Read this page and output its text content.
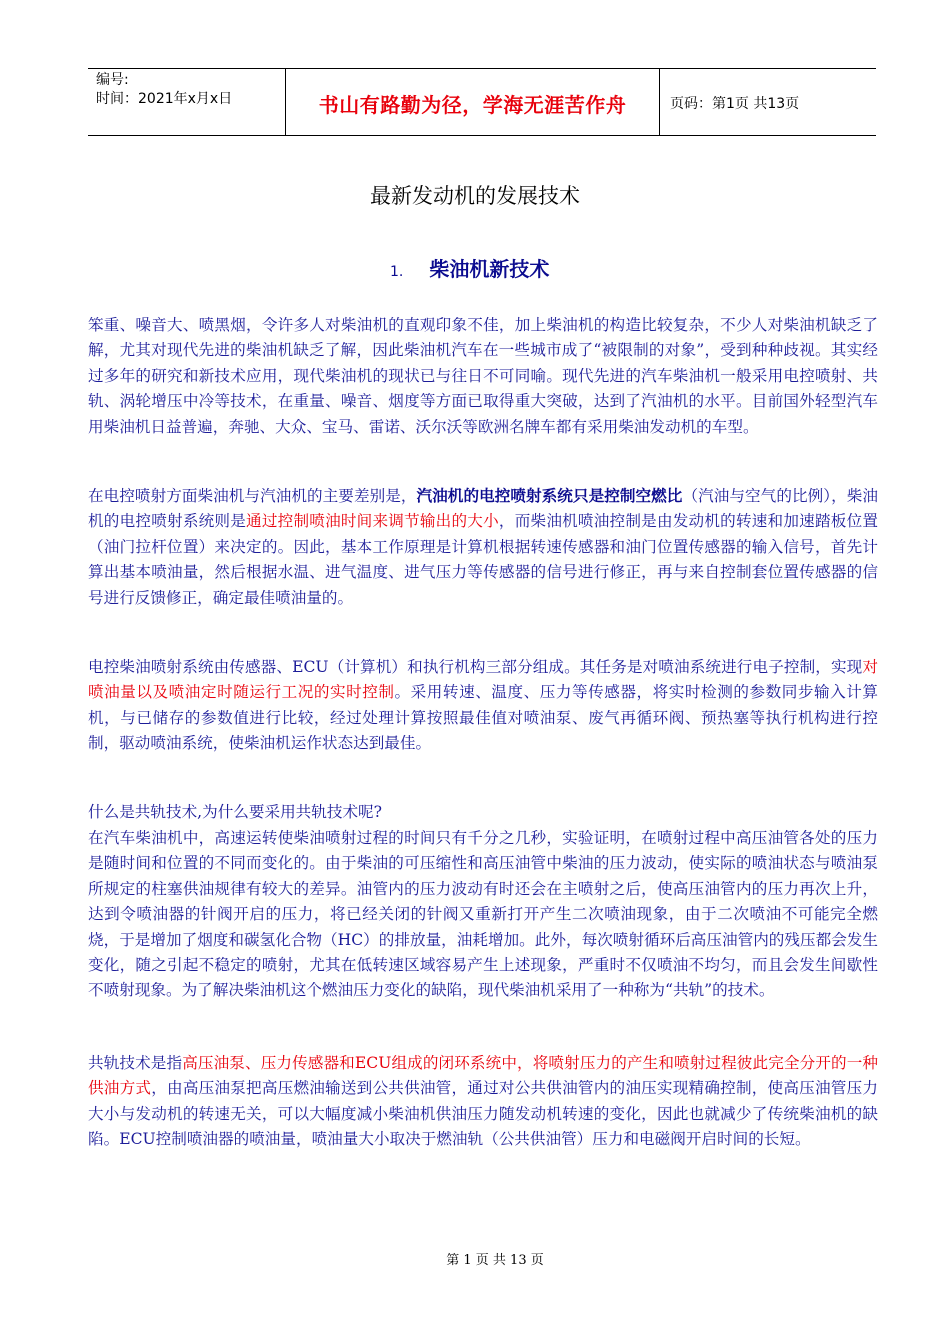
编号:
时间：2021年x月x日	书山有路勤为径，学海无涯苦作舟	页码：第1页 共13页
最新发动机的发展技术
1. 柴油机新技术

笨重、噪音大、喷黑烟，令许多人对柴油机的直观印象不佳，加上柴油机的构造比较复杂，不少人对柴油机缺乏了解，尤其对现代先进的柴油机缺乏了解，因此柴油机汽车在一些城市成了“被限制的对象”，受到种种歧视。其实经过多年的研究和新技术应用，现代柴油机的现状已与往日不可同喻。现代先进的汽车柴油机一般采用电控喷射、共轨、涡轮增压中冷等技术，在重量、噪音、烟度等方面已取得重大突破，达到了汽油机的水平。目前国外轻型汽车用柴油机日益普遍，奔驰、大众、宝马、雷诺、沃尔沃等欧洲名牌车都有采用柴油发动机的车型。

在电控喷射方面柴油机与汽油机的主要差别是，汽油机的电控喷射系统只是控制空燃比（汽油与空气的比例），柴油机的电控喷射系统则是通过控制喷油时间来调节输出的大小，而柴油机喷油控制是由发动机的转速和加速踏板位置（油门拉杆位置）来决定的。因此，基本工作原理是计算机根据转速传感器和油门位置传感器的输入信号，首先计算出基本喷油量，然后根据水温、进气温度、进气压力等传感器的信号进行修正，再与来自控制套位置传感器的信号进行反馈修正，确定最佳喷油量的。

电控柴油喷射系统由传感器、ECU（计算机）和执行机构三部分组成。其任务是对喷油系统进行电子控制，实现对喷油量以及喷油定时随运行工况的实时控制。采用转速、温度、压力等传感器，将实时检测的参数同步输入计算机，与已储存的参数值进行比较，经过处理计算按照最佳值对喷油泵、废气再循环阀、预热塞等执行机构进行控制，驱动喷油系统，使柴油机运作状态达到最佳。

什么是共轨技术,为什么要采用共轨技术呢?

在汽车柴油机中，高速运转使柴油喷射过程的时间只有千分之几秒，实验证明，在喷射过程中高压油管各处的压力是随时间和位置的不同而变化的。由于柴油的可压缩性和高压油管中柴油的压力波动，使实际的喷油状态与喷油泵所规定的柱塞供油规律有较大的差异。油管内的压力波动有时还会在主喷射之后，使高压油管内的压力再次上升，达到令喷油器的针阀开启的压力，将已经关闭的针阀又重新打开产生二次喷油现象，由于二次喷油不可能完全燃烧，于是增加了烟度和碳氢化合物（HC）的排放量，油耗增加。此外，每次喷射循环后高压油管内的残压都会发生变化，随之引起不稳定的喷射，尤其在低转速区域容易产生上述现象，严重时不仅喷油不均匀，而且会发生间歇性不喷射现象。为了解决柴油机这个燃油压力变化的缺陷，现代柴油机采用了一种称为“共轨”的技术。

共轨技术是指高压油泵、压力传感器和ECU组成的闭环系统中，将喷射压力的产生和喷射过程彼此完全分开的一种供油方式，由高压油泵把高压燃油输送到公共供油管，通过对公共供油管内的油压实现精确控制，使高压油管压力大小与发动机的转速无关，可以大幅度减小柴油机供油压力随发动机转速的变化，因此也就减少了传统柴油机的缺陷。ECU控制喷油器的喷油量，喷油量大小取决于燃油轨（公共供油管）压力和电磁阀开启时间的长短。

第 1 页 共 13 页
